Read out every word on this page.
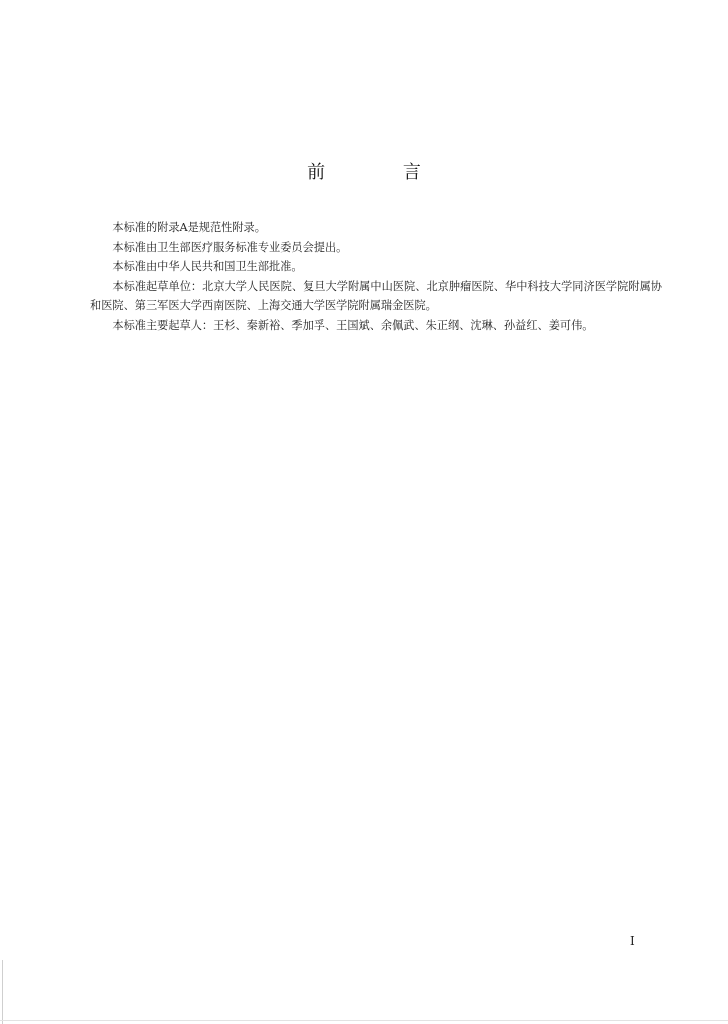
前 言

本标准的附录A是规范性附录。

本标准由卫生部医疗服务标准专业委员会提出。

本标准由中华人民共和国卫生部批准。

本标准起草单位：北京大学人民医院、复旦大学附属中山医院、北京肿瘤医院、华中科技大学同济医学院附属协和医院、第三军医大学西南医院、上海交通大学医学院附属瑞金医院。

本标准主要起草人：王杉、秦新裕、季加孚、王国斌、余佩武、朱正纲、沈琳、孙益红、姜可伟。

I
